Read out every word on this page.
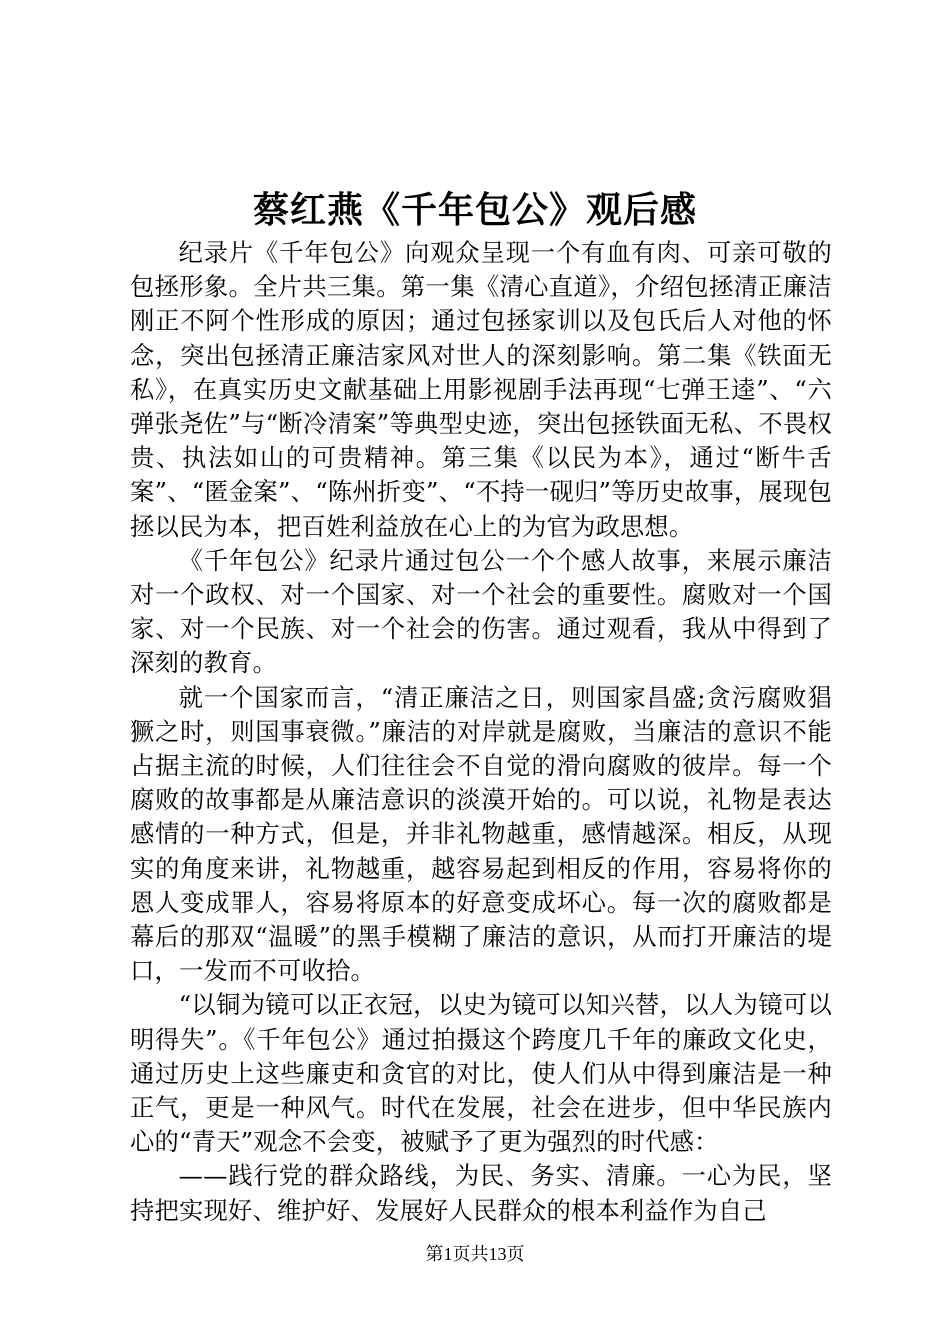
蔡红燕《千年包公》观后感

纪录片《千年包公》向观众呈现一个有血有肉、可亲可敬的包拯形象。全片共三集。第一集《清心直道》，介绍包拯清正廉洁刚正不阿个性形成的原因；通过包拯家训以及包氏后人对他的怀念，突出包拯清正廉洁家风对世人的深刻影响。第二集《铁面无私》，在真实历史文献基础上用影视剧手法再现“七弹王逵”、“六弹张尧佐”与“断冷清案”等典型史迹，突出包拯铁面无私、不畏权贵、执法如山的可贵精神。第三集《以民为本》，通过“断牛舌案”、“匿金案”、“陈州折变”、“不持一砚归”等历史故事，展现包拯以民为本，把百姓利益放在心上的为官为政思想。

《千年包公》纪录片通过包公一个个感人故事，来展示廉洁对一个政权、对一个国家、对一个社会的重要性。腐败对一个国家、对一个民族、对一个社会的伤害。通过观看，我从中得到了深刻的教育。

就一个国家而言，“清正廉洁之日，则国家昌盛;贪污腐败猖獗之时，则国事衰微。”廉洁的对岸就是腐败，当廉洁的意识不能占据主流的时候，人们往往会不自觉的滑向腐败的彼岸。每一个腐败的故事都是从廉洁意识的淡漠开始的。可以说，礼物是表达感情的一种方式，但是，并非礼物越重，感情越深。相反，从现实的角度来讲，礼物越重，越容易起到相反的作用，容易将你的恩人变成罪人，容易将原本的好意变成坏心。每一次的腐败都是幕后的那双“温暖”的黑手模糊了廉洁的意识，从而打开廉洁的堤口，一发而不可收拾。

“以铜为镜可以正衣冠，以史为镜可以知兴替，以人为镜可以明得失”。《千年包公》通过拍摄这个跨度几千年的廉政文化史，通过历史上这些廉吏和贪官的对比，使人们从中得到廉洁是一种正气，更是一种风气。时代在发展，社会在进步，但中华民族内心的“青天”观念不会变，被赋予了更为强烈的时代感：

——践行党的群众路线，为民、务实、清廉。一心为民，坚持把实现好、维护好、发展好人民群众的根本利益作为自己

第1页共13页
